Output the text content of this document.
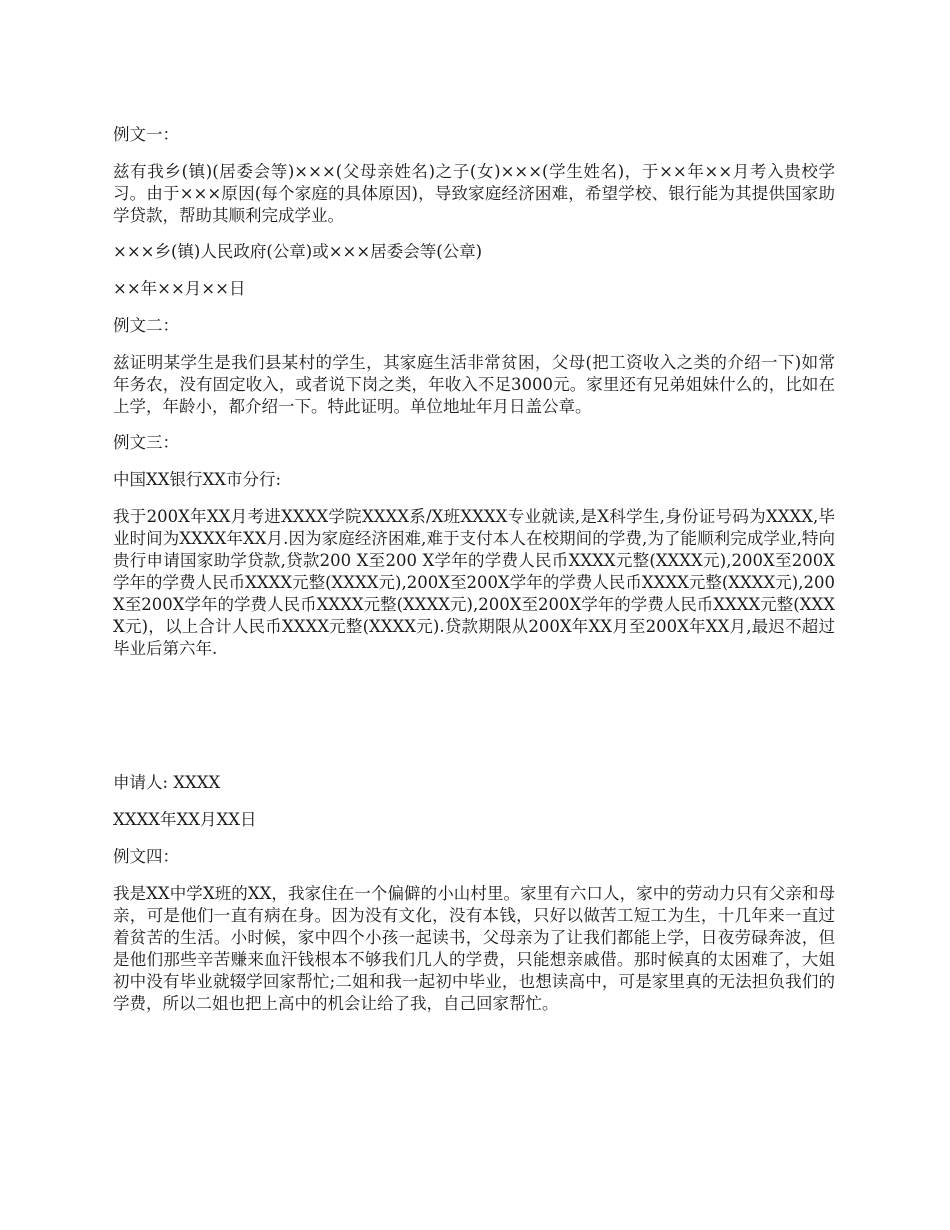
例文一：

兹有我乡(镇)(居委会等)×××(父母亲姓名)之子(女)×××(学生姓名)，于××年××月考入贵校学习。由于×××原因(每个家庭的具体原因)，导致家庭经济困难，希望学校、银行能为其提供国家助学贷款，帮助其顺利完成学业。

×××乡(镇)人民政府(公章)或×××居委会等(公章)

××年××月××日

例文二：

兹证明某学生是我们县某村的学生，其家庭生活非常贫困，父母(把工资收入之类的介绍一下)如常年务农，没有固定收入，或者说下岗之类，年收入不足3000元。家里还有兄弟姐妹什么的，比如在上学，年龄小，都介绍一下。特此证明。单位地址年月日盖公章。

例文三：

中国XX银行XX市分行:

我于200X年XX月考进XXXX学院XXXX系/X班XXXX专业就读,是X科学生,身份证号码为XXXX,毕业时间为XXXX年XX月.因为家庭经济困难,难于支付本人在校期间的学费,为了能顺利完成学业,特向贵行申请国家助学贷款,贷款200 X至200 X学年的学费人民币XXXX元整(XXXX元),200X至200X学年的学费人民币XXXX元整(XXXX元),200X至200X学年的学费人民币XXXX元整(XXXX元),200X至200X学年的学费人民币XXXX元整(XXXX元),200X至200X学年的学费人民币XXXX元整(XXXX元)，以上合计人民币XXXX元整(XXXX元).贷款期限从200X年XX月至200X年XX月,最迟不超过毕业后第六年.

申请人: XXXX

XXXX年XX月XX日

例文四：

我是XX中学X班的XX，我家住在一个偏僻的小山村里。家里有六口人，家中的劳动力只有父亲和母亲，可是他们一直有病在身。因为没有文化，没有本钱，只好以做苦工短工为生，十几年来一直过着贫苦的生活。小时候，家中四个小孩一起读书，父母亲为了让我们都能上学，日夜劳碌奔波，但是他们那些辛苦赚来血汗钱根本不够我们几人的学费，只能想亲戚借。那时候真的太困难了，大姐初中没有毕业就辍学回家帮忙;二姐和我一起初中毕业，也想读高中，可是家里真的无法担负我们的学费，所以二姐也把上高中的机会让给了我，自己回家帮忙。
